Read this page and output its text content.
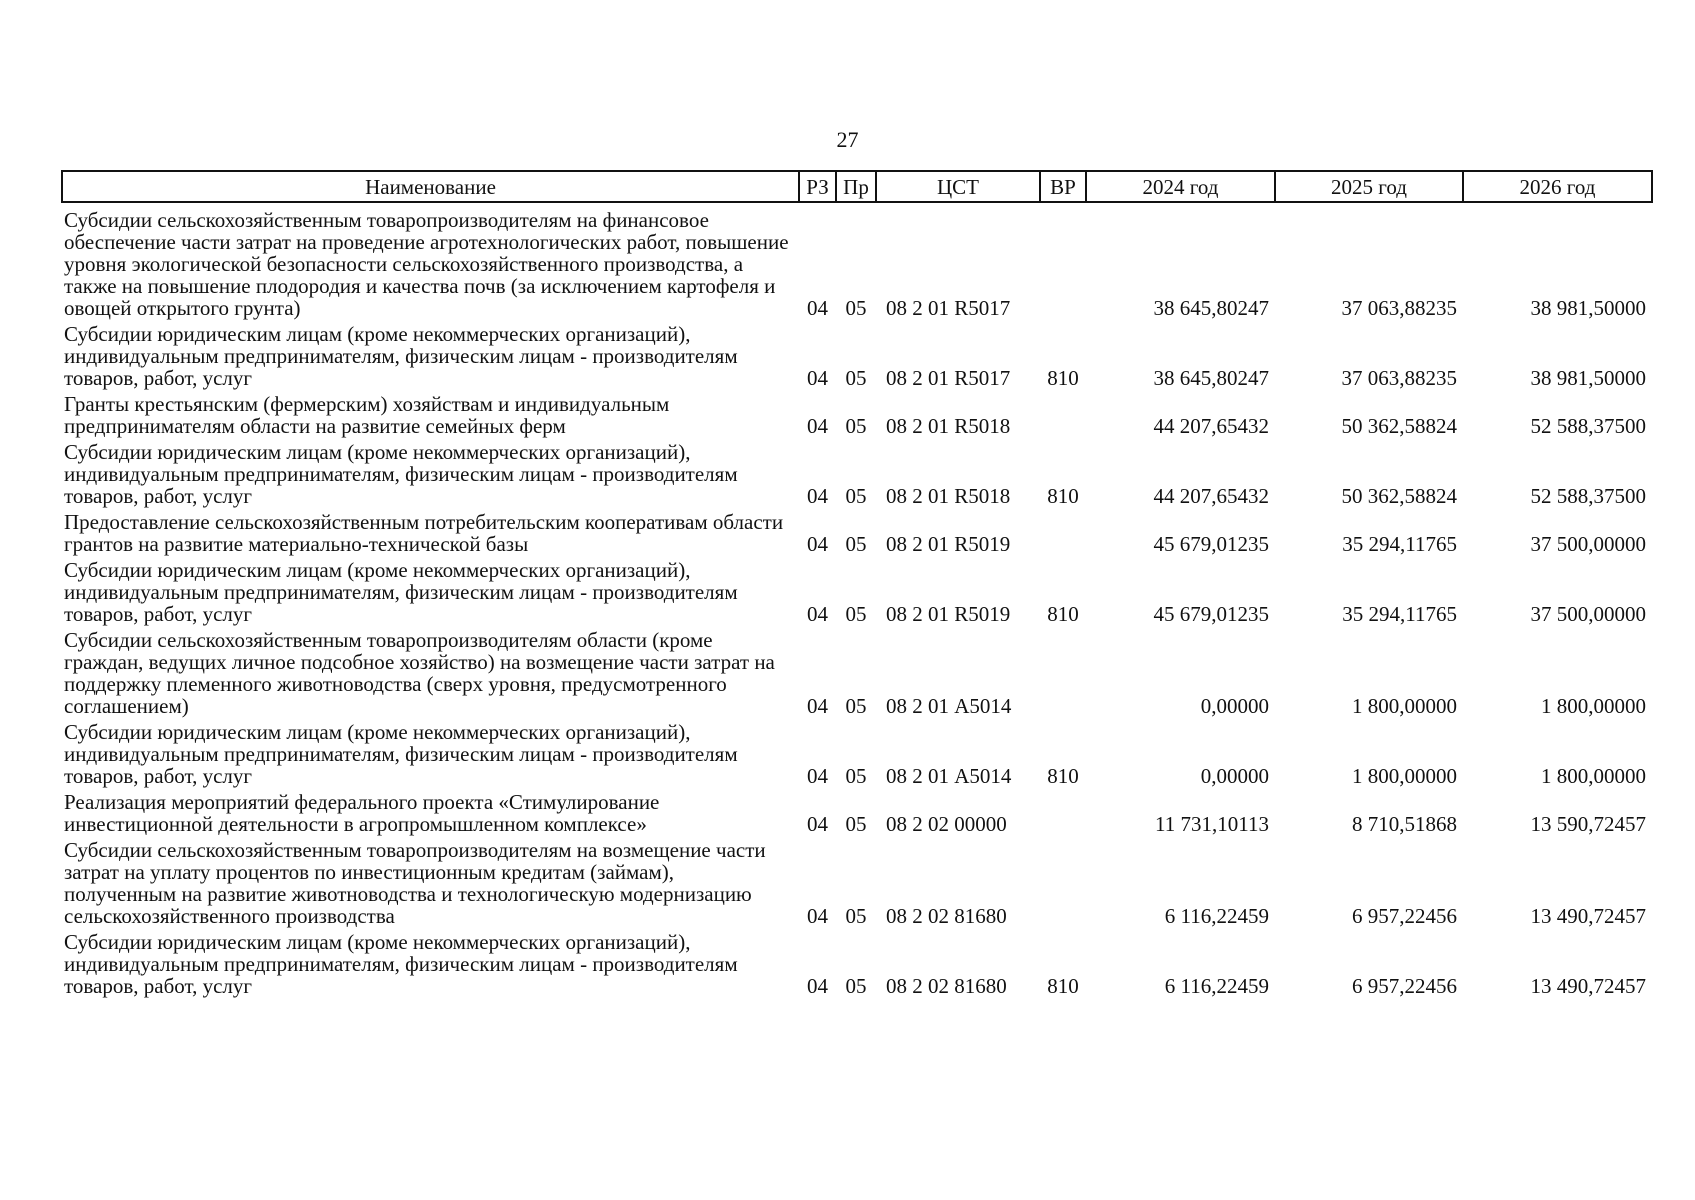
27
Наименование	РЗ	Пр	ЦСТ	ВР	2024 год	2025 год	2026 год
Субсидии сельскохозяйственным товаропроизводителям на финансовое обеспечение части затрат на проведение агротехнологических работ, повышение уровня экологической безопасности сельскохозяйственного производства, а также на повышение плодородия и качества почв (за исключением картофеля и овощей открытого грунта)	04	05	08 2 01 R5017		38 645,80247	37 063,88235	38 981,50000
Субсидии юридическим лицам (кроме некоммерческих организаций), индивидуальным предпринимателям, физическим лицам - производителям товаров, работ, услуг	04	05	08 2 01 R5017	810	38 645,80247	37 063,88235	38 981,50000
Гранты крестьянским (фермерским) хозяйствам и индивидуальным предпринимателям области на развитие семейных ферм	04	05	08 2 01 R5018		44 207,65432	50 362,58824	52 588,37500
Субсидии юридическим лицам (кроме некоммерческих организаций), индивидуальным предпринимателям, физическим лицам - производителям товаров, работ, услуг	04	05	08 2 01 R5018	810	44 207,65432	50 362,58824	52 588,37500
Предоставление сельскохозяйственным потребительским кооперативам области грантов на развитие материально-технической базы	04	05	08 2 01 R5019		45 679,01235	35 294,11765	37 500,00000
Субсидии юридическим лицам (кроме некоммерческих организаций), индивидуальным предпринимателям, физическим лицам - производителям товаров, работ, услуг	04	05	08 2 01 R5019	810	45 679,01235	35 294,11765	37 500,00000
Субсидии сельскохозяйственным товаропроизводителям области (кроме граждан, ведущих личное подсобное хозяйство) на возмещение части затрат на поддержку племенного животноводства (сверх уровня, предусмотренного соглашением)	04	05	08 2 01 А5014		0,00000	1 800,00000	1 800,00000
Субсидии юридическим лицам (кроме некоммерческих организаций), индивидуальным предпринимателям, физическим лицам - производителям товаров, работ, услуг	04	05	08 2 01 А5014	810	0,00000	1 800,00000	1 800,00000
Реализация мероприятий федерального проекта «Стимулирование инвестиционной деятельности в агропромышленном комплексе»	04	05	08 2 02 00000		11 731,10113	8 710,51868	13 590,72457
Субсидии сельскохозяйственным товаропроизводителям на возмещение части затрат на уплату процентов по инвестиционным кредитам (займам), полученным на развитие животноводства и технологическую модернизацию сельскохозяйственного производства	04	05	08 2 02 81680		6 116,22459	6 957,22456	13 490,72457
Субсидии юридическим лицам (кроме некоммерческих организаций), индивидуальным предпринимателям, физическим лицам - производителям товаров, работ, услуг	04	05	08 2 02 81680	810	6 116,22459	6 957,22456	13 490,72457
